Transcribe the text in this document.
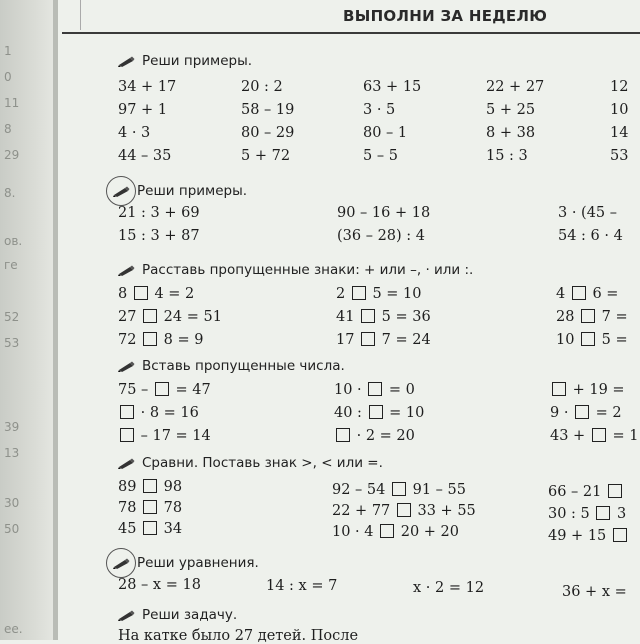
1
0
11
8
29
8.
ов.
ге
52
53
39
13
30
50
ее.
ВЫПОЛНИ ЗА НЕДЕЛЮ
Реши примеры.
34 + 17	20 : 2	63 + 15	22 + 27	12
97 + 1	58 – 19	3 · 5	5 + 25	10
4 · 3	80 – 29	80 – 1	8 + 38	14
44 – 35	5 + 72	5 – 5	15 : 3	53
Реши примеры.
21 : 3 + 69	90 – 16 + 18	3 · (45 –
15 : 3 + 87	(36 – 28) : 4	54 : 6 · 4
Расставь пропущенные знаки: + или –, · или :.
8 4 = 2	2 5 = 10	4 6 =
27 24 = 51	41 5 = 36	28 7 =
72 8 = 9	17 7 = 24	10 5 =
Вставь пропущенные числа.
75 – = 47	10 · = 0	+ 19 =
· 8 = 16	40 : = 10	9 · = 2
– 17 = 14	· 2 = 20	43 + = 1
Сравни. Поставь знак >, < или =.
89 98	92 – 54 91 – 55	66 – 21
78 78	22 + 77 33 + 55	30 : 5 3
45 34	10 · 4 20 + 20	49 + 15
Реши уравнения.
28 – x = 18	14 : x = 7	x · 2 = 12	36 + x =
Реши задачу.
На катке было 27 детей. После
